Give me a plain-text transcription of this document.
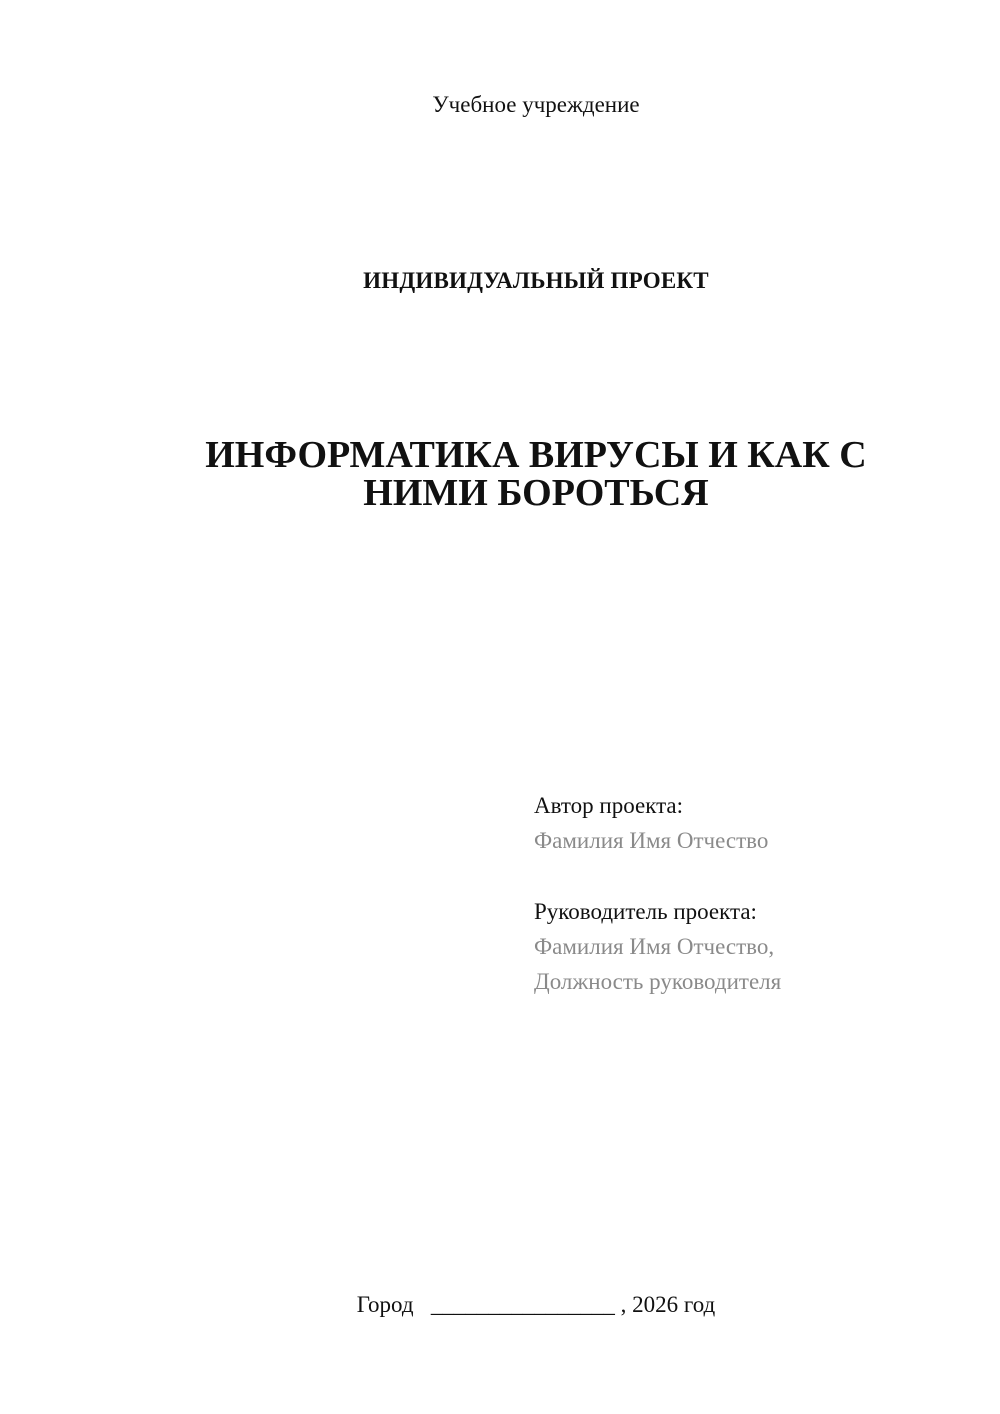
Учебное учреждение
ИНДИВИДУАЛЬНЫЙ ПРОЕКТ
ИНФОРМАТИКА ВИРУСЫ И КАК С
НИМИ БОРОТЬСЯ
Автор проекта:
Фамилия Имя Отчество
Руководитель проекта:
Фамилия Имя Отчество,
Должность руководителя
Город ________________ , 2026 год
